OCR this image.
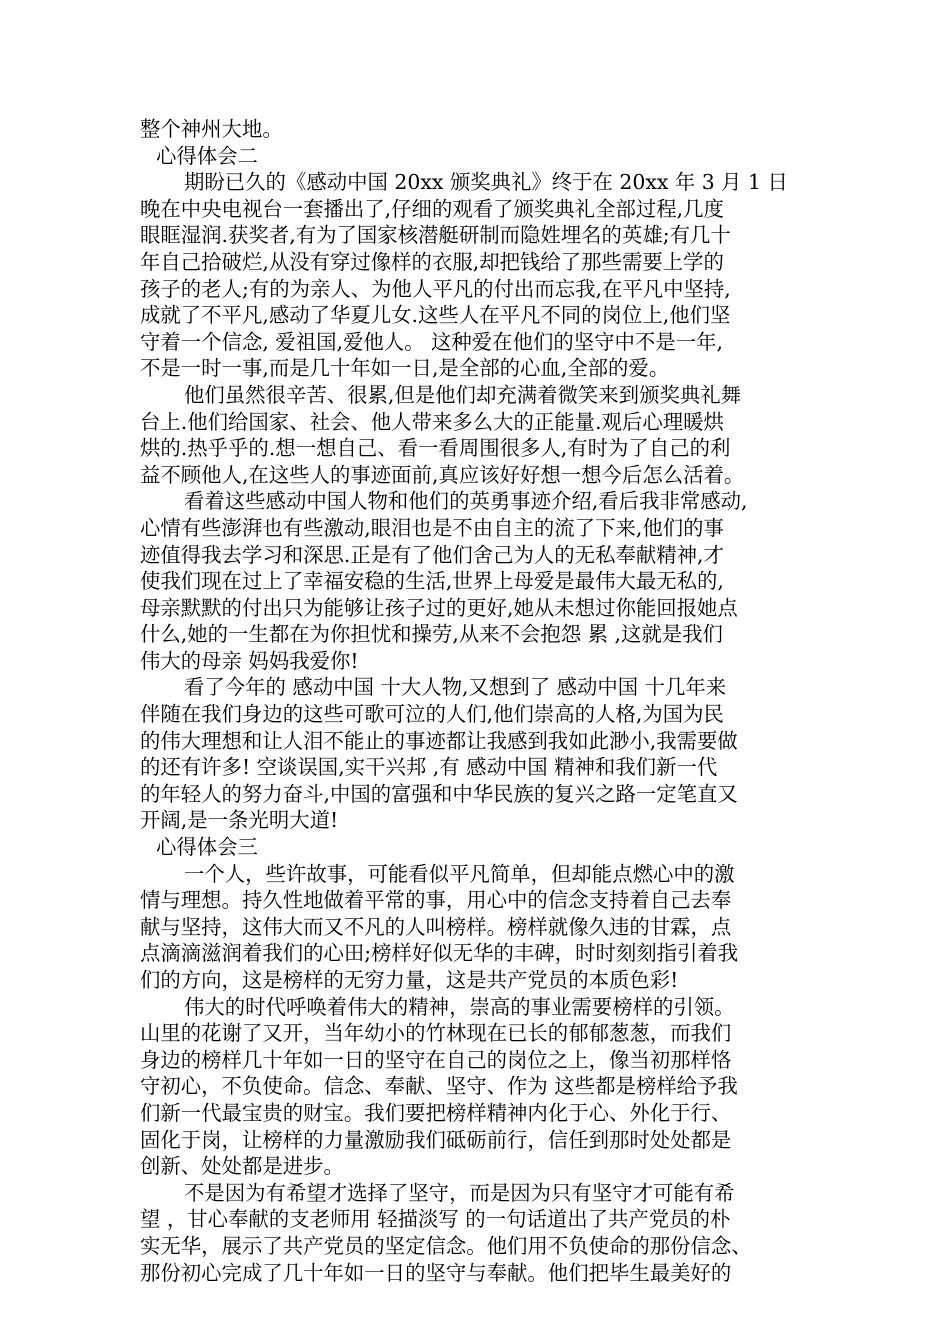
整个神州大地。
心得体会二
期盼已久的《感动中国 20xx 颁奖典礼》终于在 20xx 年 3 月 1 日
晚在中央电视台一套播出了,仔细的观看了颁奖典礼全部过程,几度
眼眶湿润.获奖者,有为了国家核潜艇研制而隐姓埋名的英雄;有几十
年自己拾破烂,从没有穿过像样的衣服,却把钱给了那些需要上学的
孩子的老人;有的为亲人、为他人平凡的付出而忘我,在平凡中坚持,
成就了不平凡,感动了华夏儿女.这些人在平凡不同的岗位上,他们坚
守着一个信念, 爱祖国,爱他人。 这种爱在他们的坚守中不是一年,
不是一时一事,而是几十年如一日,是全部的心血,全部的爱。
他们虽然很辛苦、很累,但是他们却充满着微笑来到颁奖典礼舞
台上.他们给国家、社会、他人带来多么大的正能量.观后心理暖烘
烘的.热乎乎的.想一想自己、看一看周围很多人,有时为了自己的利
益不顾他人,在这些人的事迹面前,真应该好好想一想今后怎么活着。
看着这些感动中国人物和他们的英勇事迹介绍,看后我非常感动,
心情有些澎湃也有些激动,眼泪也是不由自主的流了下来,他们的事
迹值得我去学习和深思.正是有了他们舍己为人的无私奉献精神,才
使我们现在过上了幸福安稳的生活,世界上母爱是最伟大最无私的,
母亲默默的付出只为能够让孩子过的更好,她从未想过你能回报她点
什么,她的一生都在为你担忧和操劳,从来不会抱怨 累 ,这就是我们
伟大的母亲 妈妈我爱你!
看了今年的 感动中国 十大人物,又想到了 感动中国 十几年来
伴随在我们身边的这些可歌可泣的人们,他们崇高的人格,为国为民
的伟大理想和让人泪不能止的事迹都让我感到我如此渺小,我需要做
的还有许多! 空谈误国,实干兴邦 ,有 感动中国 精神和我们新一代
的年轻人的努力奋斗,中国的富强和中华民族的复兴之路一定笔直又
开阔,是一条光明大道!
心得体会三
一个人，些许故事，可能看似平凡简单，但却能点燃心中的激
情与理想。持久性地做着平常的事，用心中的信念支持着自己去奉
献与坚持，这伟大而又不凡的人叫榜样。榜样就像久违的甘霖，点
点滴滴滋润着我们的心田;榜样好似无华的丰碑，时时刻刻指引着我
们的方向，这是榜样的无穷力量，这是共产党员的本质色彩!
伟大的时代呼唤着伟大的精神，崇高的事业需要榜样的引领。
山里的花谢了又开，当年幼小的竹林现在已长的郁郁葱葱，而我们
身边的榜样几十年如一日的坚守在自己的岗位之上，像当初那样恪
守初心，不负使命。信念、奉献、坚守、作为 这些都是榜样给予我
们新一代最宝贵的财宝。我们要把榜样精神内化于心、外化于行、
固化于岗，让榜样的力量激励我们砥砺前行，信任到那时处处都是
创新、处处都是进步。
不是因为有希望才选择了坚守，而是因为只有坚守才可能有希
望 ，甘心奉献的支老师用 轻描淡写 的一句话道出了共产党员的朴
实无华，展示了共产党员的坚定信念。他们用不负使命的那份信念、
那份初心完成了几十年如一日的坚守与奉献。他们把毕生最美好的
